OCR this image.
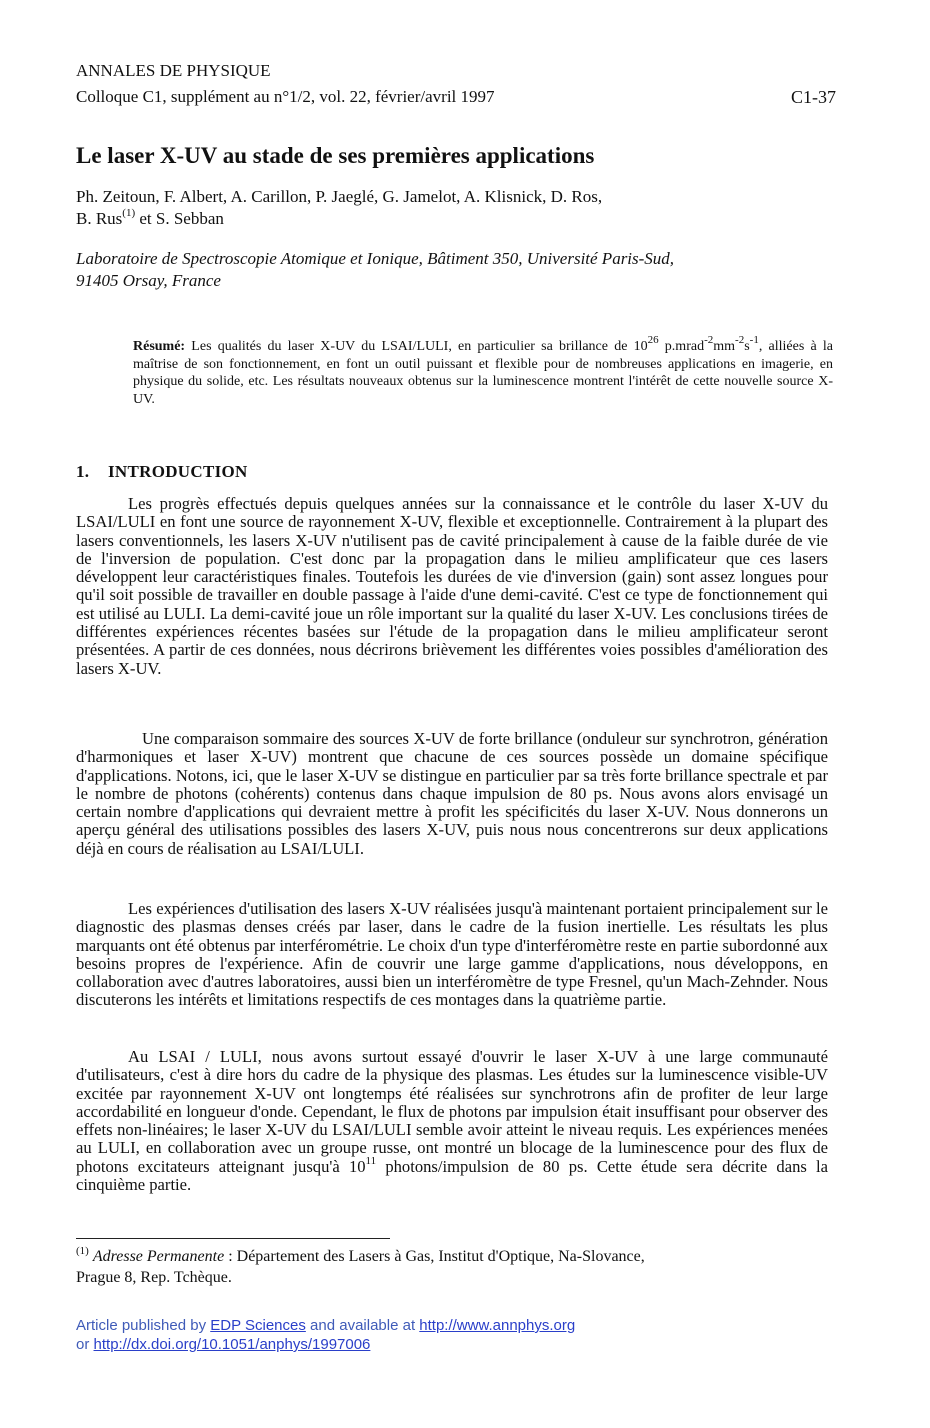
ANNALES DE PHYSIQUE
Colloque C1, supplément au n°1/2, vol. 22, février/avril 1997	C1-37
Le laser X-UV au stade de ses premières applications
Ph. Zeitoun, F. Albert, A. Carillon, P. Jaeglé, G. Jamelot, A. Klisnick, D. Ros,
B. Rus$^{(1)}$ et S. Sebban
Laboratoire de Spectroscopie Atomique et Ionique, Bâtiment 350, Université Paris-Sud,
91405 Orsay, France
Résumé: Les qualités du laser X-UV du LSAI/LULI, en particulier sa brillance de $10^{26}$ $p.mrad^{-2}mm^{-2}s^{-1}$, alliées à la maîtrise de son fonctionnement, en font un outil puissant et flexible pour de nombreuses applications en imagerie, en physique du solide, etc. Les résultats nouveaux obtenus sur la luminescence montrent l'intérêt de cette nouvelle source X-UV.
1. INTRODUCTION
Les progrès effectués depuis quelques années sur la connaissance et le contrôle du laser X-UV du LSAI/LULI en font une source de rayonnement X-UV, flexible et exceptionnelle. Contrairement à la plupart des lasers conventionnels, les lasers X-UV n'utilisent pas de cavité principalement à cause de la faible durée de vie de l'inversion de population. C'est donc par la propagation dans le milieu amplificateur que ces lasers développent leur caractéristiques finales. Toutefois les durées de vie d'inversion (gain) sont assez longues pour qu'il soit possible de travailler en double passage à l'aide d'une demi-cavité. C'est ce type de fonctionnement qui est utilisé au LULI. La demi-cavité joue un rôle important sur la qualité du laser X-UV. Les conclusions tirées de différentes expériences récentes basées sur l'étude de la propagation dans le milieu amplificateur seront présentées. A partir de ces données, nous décrirons brièvement les différentes voies possibles d'amélioration des lasers X-UV.
Une comparaison sommaire des sources X-UV de forte brillance (onduleur sur synchrotron, génération d'harmoniques et laser X-UV) montrent que chacune de ces sources possède un domaine spécifique d'applications. Notons, ici, que le laser X-UV se distingue en particulier par sa très forte brillance spectrale et par le nombre de photons (cohérents) contenus dans chaque impulsion de 80 ps. Nous avons alors envisagé un certain nombre d'applications qui devraient mettre à profit les spécificités du laser X-UV. Nous donnerons un aperçu général des utilisations possibles des lasers X-UV, puis nous nous concentrerons sur deux applications déjà en cours de réalisation au LSAI/LULI.
Les expériences d'utilisation des lasers X-UV réalisées jusqu'à maintenant portaient principalement sur le diagnostic des plasmas denses créés par laser, dans le cadre de la fusion inertielle. Les résultats les plus marquants ont été obtenus par interférométrie. Le choix d'un type d'interféromètre reste en partie subordonné aux besoins propres de l'expérience. Afin de couvrir une large gamme d'applications, nous développons, en collaboration avec d'autres laboratoires, aussi bien un interféromètre de type Fresnel, qu'un Mach-Zehnder. Nous discuterons les intérêts et limitations respectifs de ces montages dans la quatrième partie.
Au LSAI / LULI, nous avons surtout essayé d'ouvrir le laser X-UV à une large communauté d'utilisateurs, c'est à dire hors du cadre de la physique des plasmas. Les études sur la luminescence visible-UV excitée par rayonnement X-UV ont longtemps été réalisées sur synchrotrons afin de profiter de leur large accordabilité en longueur d'onde. Cependant, le flux de photons par impulsion était insuffisant pour observer des effets non-linéaires; le laser X-UV du LSAI/LULI semble avoir atteint le niveau requis. Les expériences menées au LULI, en collaboration avec un groupe russe, ont montré un blocage de la luminescence pour des flux de photons excitateurs atteignant jusqu'à $10^{11}$ photons/impulsion de 80 ps. Cette étude sera décrite dans la cinquième partie.
$^{(1)}$ Adresse Permanente : Département des Lasers à Gas, Institut d'Optique, Na-Slovance,
Prague 8, Rep. Tchèque.
Article published by EDP Sciences and available at http://www.annphys.org
or http://dx.doi.org/10.1051/anphys/1997006
